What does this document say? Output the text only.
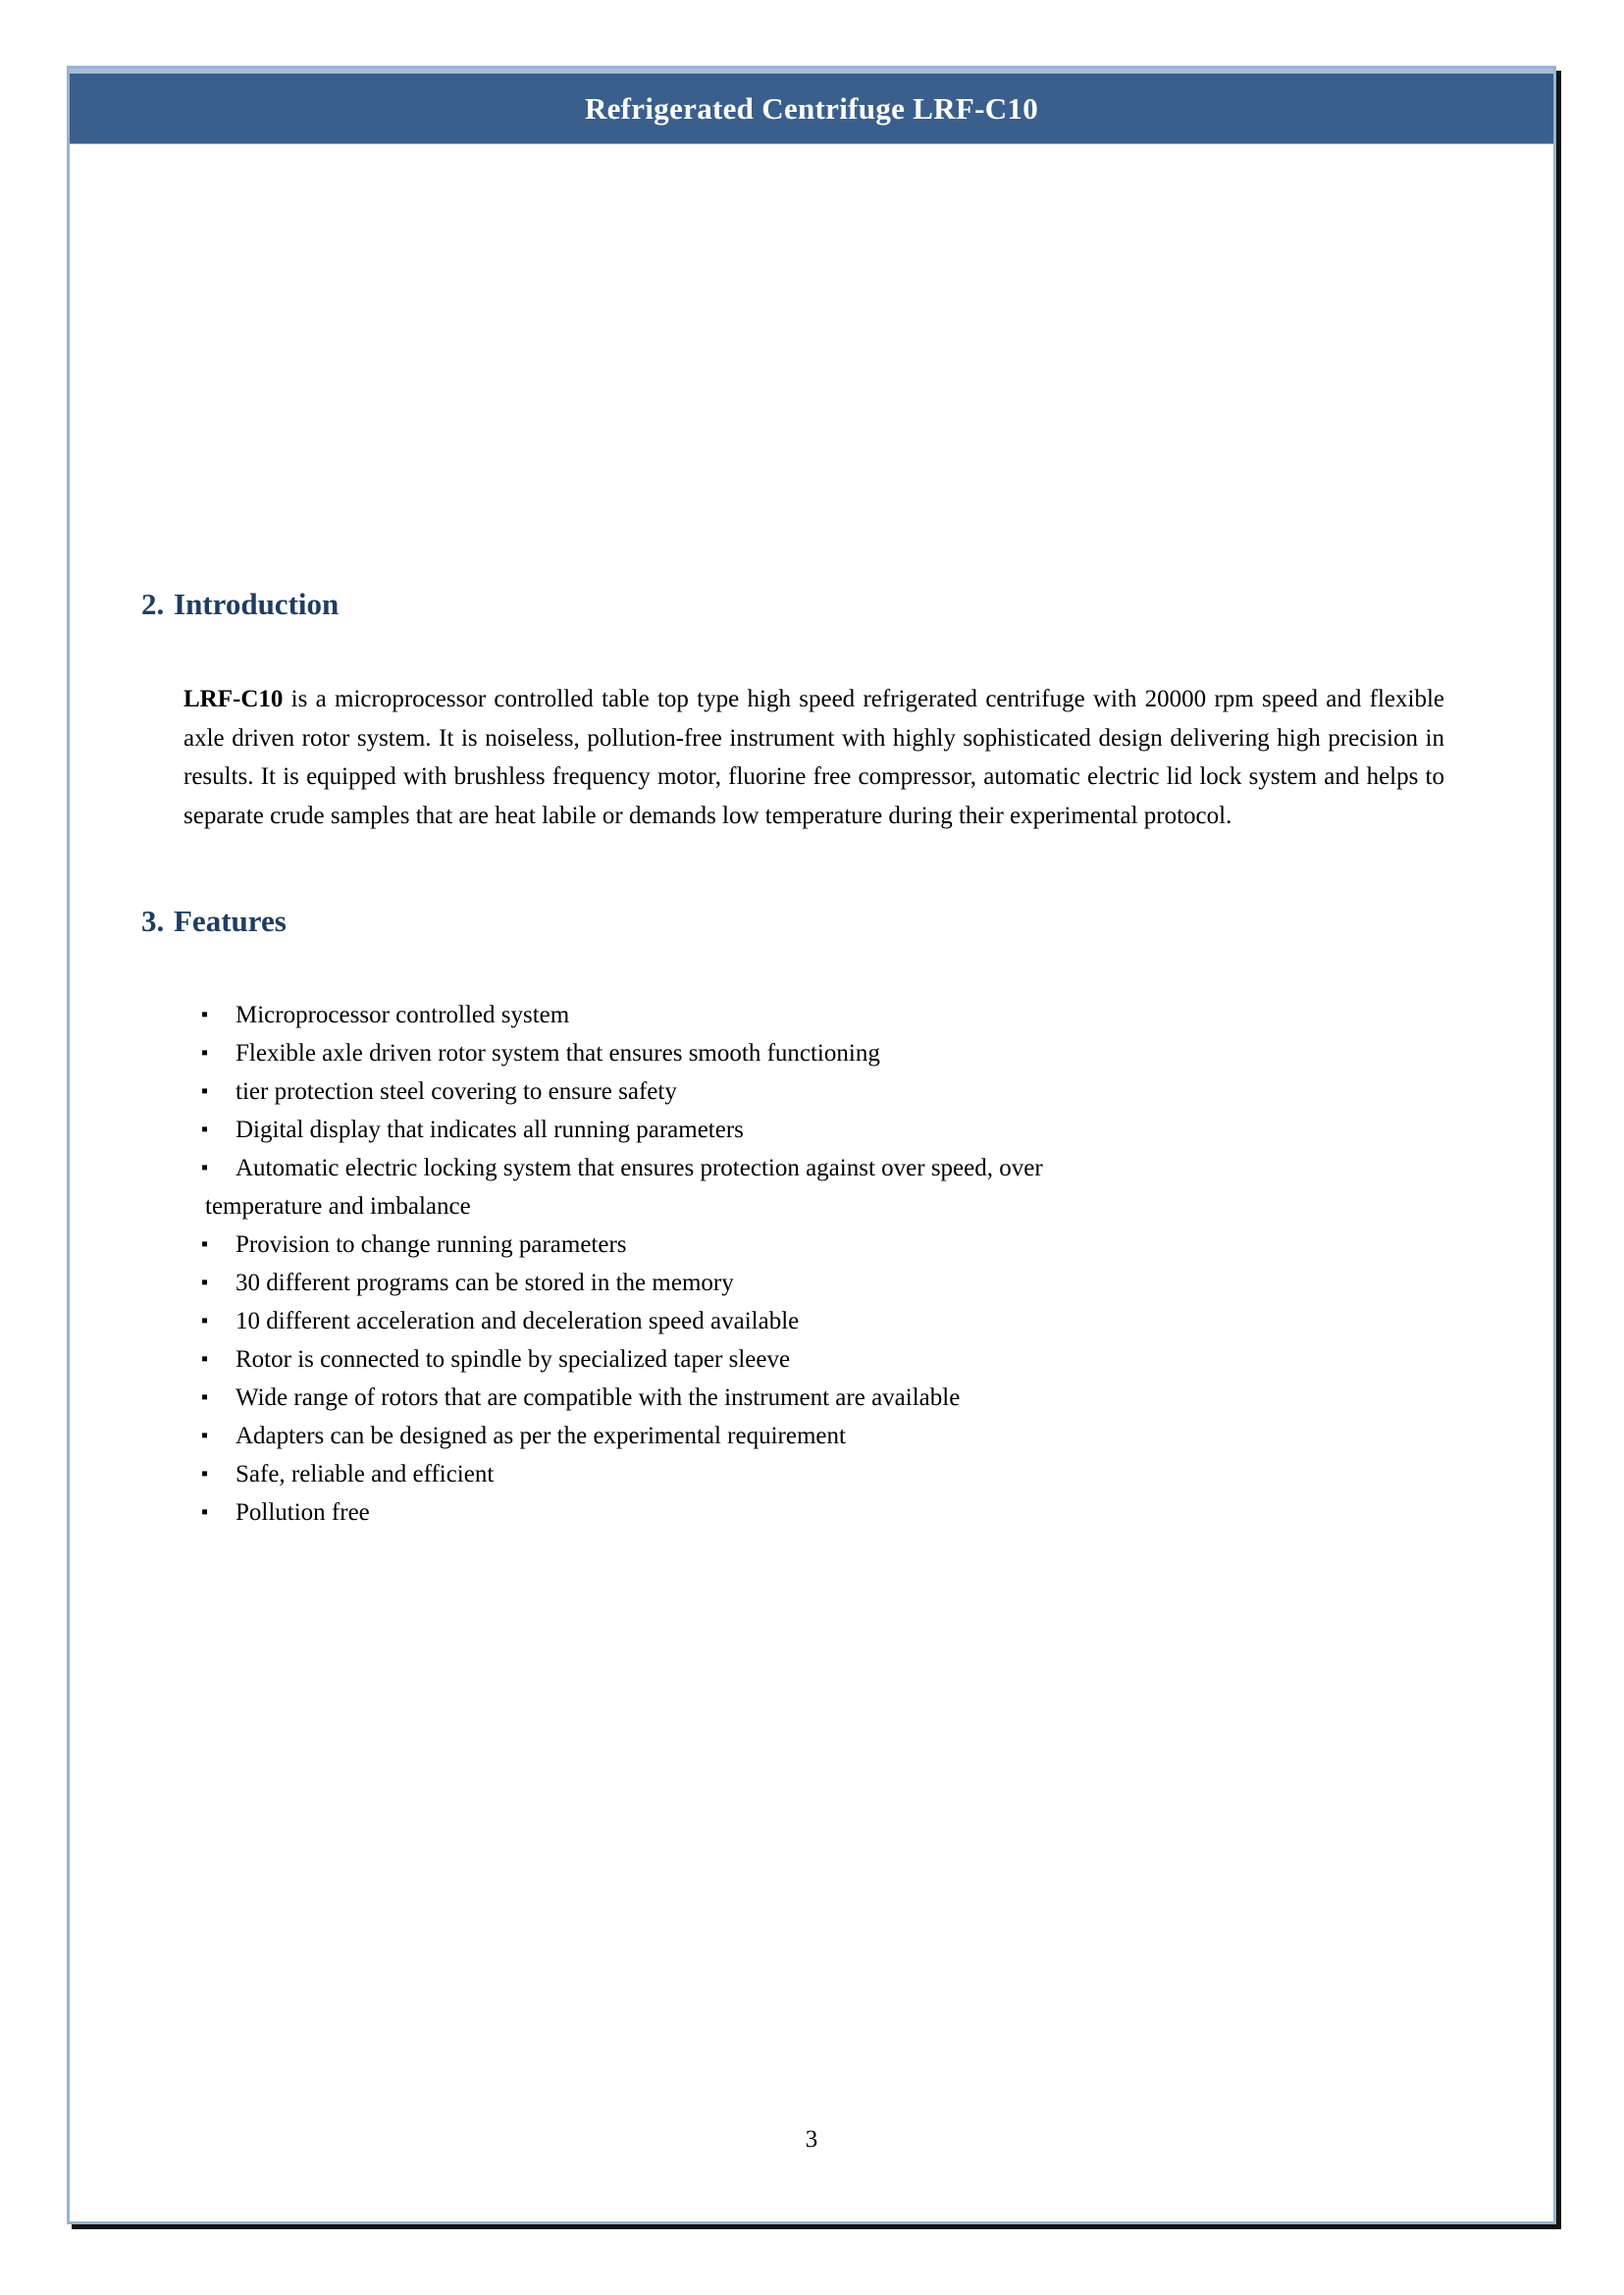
Refrigerated Centrifuge LRF-C10
2. Introduction

LRF-C10 is a microprocessor controlled table top type high speed refrigerated centrifuge with 20000 rpm speed and flexible axle driven rotor system. It is noiseless, pollution-free instrument with highly sophisticated design delivering high precision in results. It is equipped with brushless frequency motor, fluorine free compressor, automatic electric lid lock system and helps to separate crude samples that are heat labile or demands low temperature during their experimental protocol.

3. Features
▪ Microprocessor controlled system
▪ Flexible axle driven rotor system that ensures smooth functioning
▪ tier protection steel covering to ensure safety
▪ Digital display that indicates all running parameters
▪ Automatic electric locking system that ensures protection against over speed, over
temperature and imbalance
▪ Provision to change running parameters
▪ 30 different programs can be stored in the memory
▪ 10 different acceleration and deceleration speed available
▪ Rotor is connected to spindle by specialized taper sleeve
▪ Wide range of rotors that are compatible with the instrument are available
▪ Adapters can be designed as per the experimental requirement
▪ Safe, reliable and efficient
▪ Pollution free
3
